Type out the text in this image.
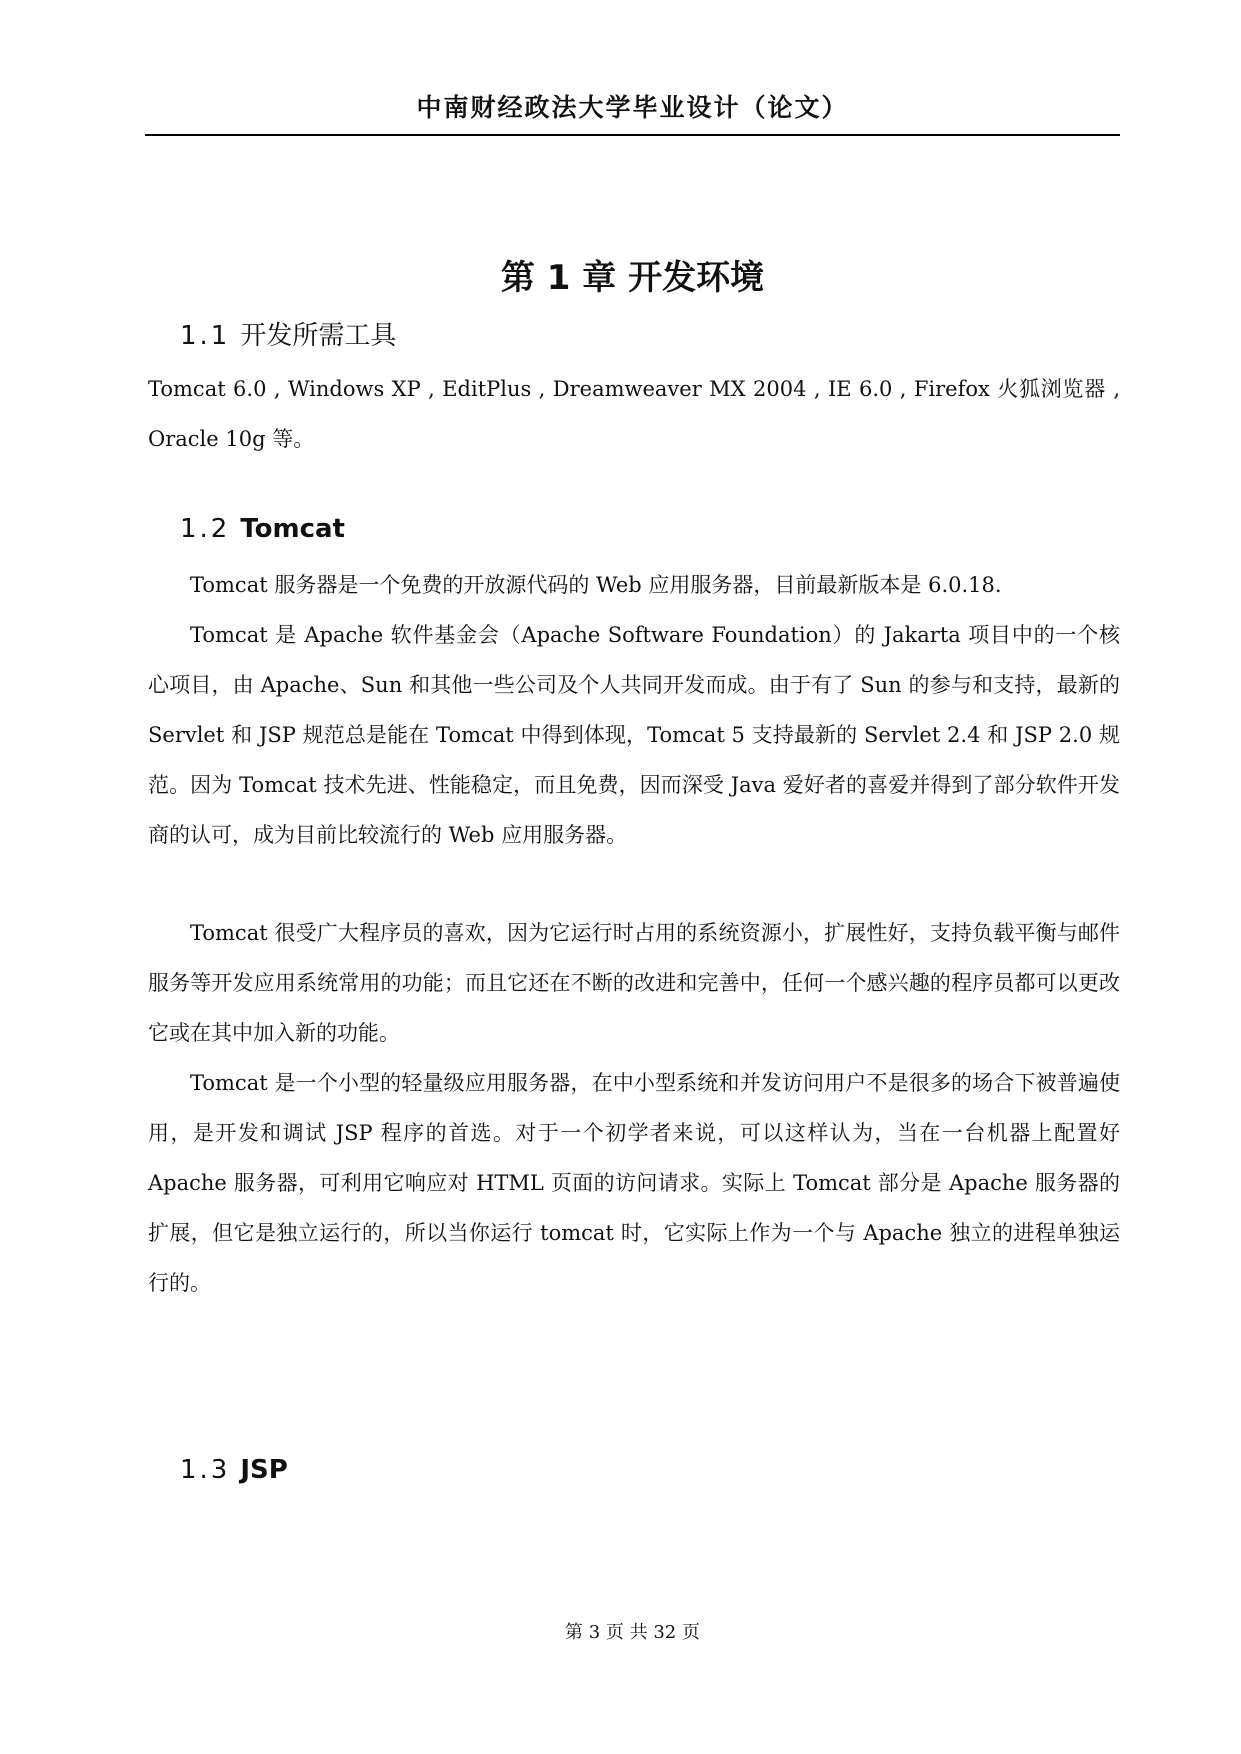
中南财经政法大学毕业设计（论文）
第 1 章 开发环境
1.1 开发所需工具

Tomcat 6.0 , Windows XP , EditPlus , Dreamweaver MX 2004 , IE 6.0 , Firefox 火狐浏览器 , Oracle 10g 等。

1.2 Tomcat

Tomcat 服务器是一个免费的开放源代码的 Web 应用服务器，目前最新版本是 6.0.18.

Tomcat 是 Apache 软件基金会（Apache Software Foundation）的 Jakarta 项目中的一个核心项目，由 Apache、Sun 和其他一些公司及个人共同开发而成。由于有了 Sun 的参与和支持，最新的 Servlet 和 JSP 规范总是能在 Tomcat 中得到体现，Tomcat 5 支持最新的 Servlet 2.4 和 JSP 2.0 规范。因为 Tomcat 技术先进、性能稳定，而且免费，因而深受 Java 爱好者的喜爱并得到了部分软件开发商的认可，成为目前比较流行的 Web 应用服务器。

Tomcat 很受广大程序员的喜欢，因为它运行时占用的系统资源小，扩展性好，支持负载平衡与邮件服务等开发应用系统常用的功能；而且它还在不断的改进和完善中，任何一个感兴趣的程序员都可以更改它或在其中加入新的功能。

Tomcat 是一个小型的轻量级应用服务器，在中小型系统和并发访问用户不是很多的场合下被普遍使用，是开发和调试 JSP 程序的首选。对于一个初学者来说，可以这样认为，当在一台机器上配置好 Apache 服务器，可利用它响应对 HTML 页面的访问请求。实际上 Tomcat 部分是 Apache 服务器的扩展，但它是独立运行的，所以当你运行 tomcat 时，它实际上作为一个与 Apache 独立的进程单独运行的。

1.3 JSP
第 3 页 共 32 页
